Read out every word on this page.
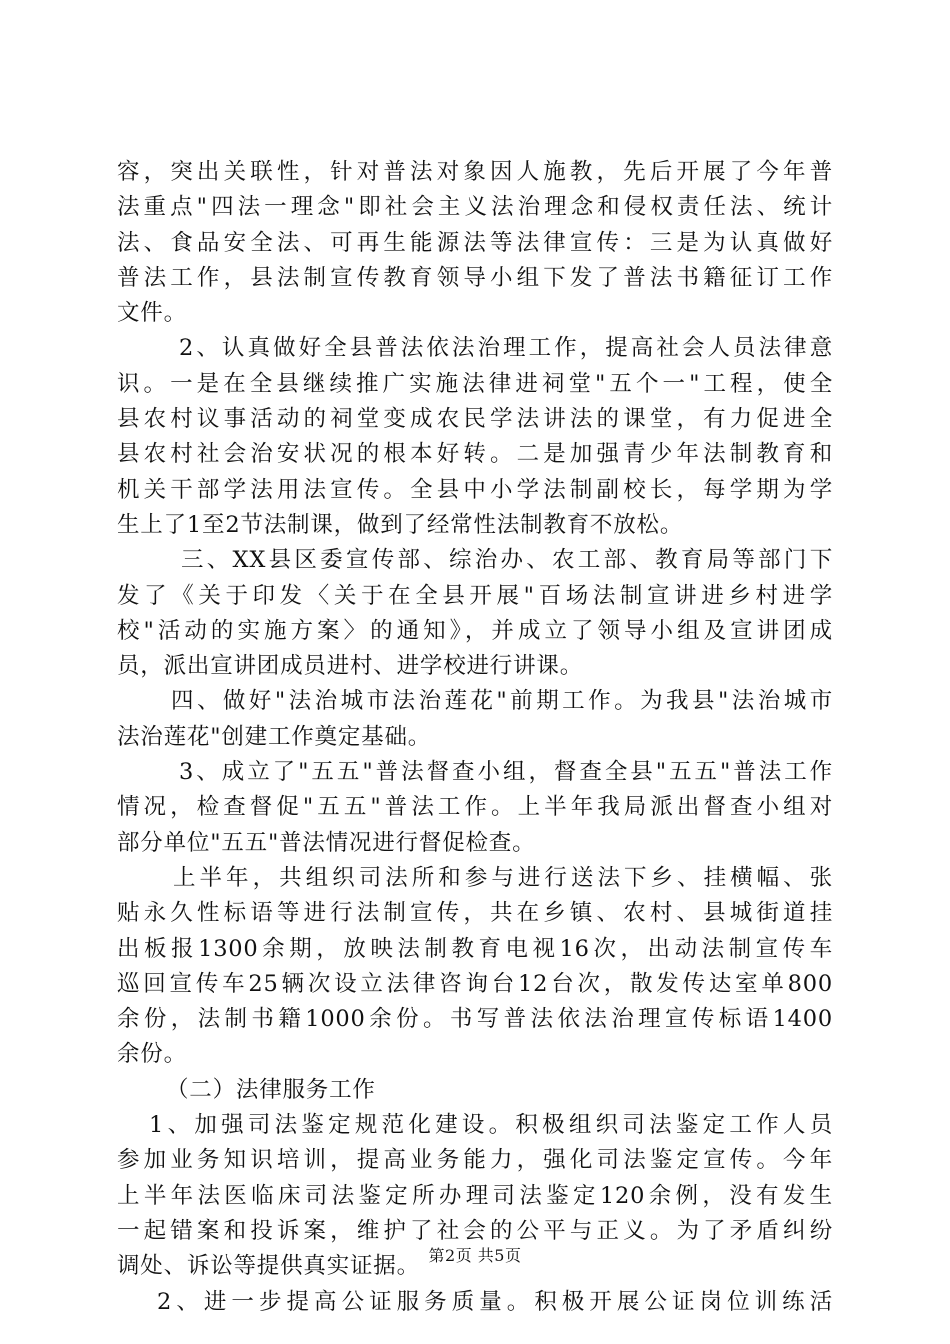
容，突出关联性，针对普法对象因人施教，先后开展了今年普
法重点"四法一理念"即社会主义法治理念和侵权责任法、统计
法、食品安全法、可再生能源法等法律宣传：三是为认真做好
普法工作，县法制宣传教育领导小组下发了普法书籍征订工作
文件。
2、认真做好全县普法依法治理工作，提高社会人员法律意
识。一是在全县继续推广实施法律进祠堂"五个一"工程，使全
县农村议事活动的祠堂变成农民学法讲法的课堂，有力促进全
县农村社会治安状况的根本好转。二是加强青少年法制教育和
机关干部学法用法宣传。全县中小学法制副校长，每学期为学
生上了1至2节法制课，做到了经常性法制教育不放松。
三、XX县区委宣传部、综治办、农工部、教育局等部门下
发了《关于印发〈关于在全县开展"百场法制宣讲进乡村进学
校"活动的实施方案〉的通知》，并成立了领导小组及宣讲团成
员，派出宣讲团成员进村、进学校进行讲课。
四、做好"法治城市法治莲花"前期工作。为我县"法治城市
法治莲花"创建工作奠定基础。
3、成立了"五五"普法督查小组，督查全县"五五"普法工作
情况，检查督促"五五"普法工作。上半年我局派出督查小组对
部分单位"五五"普法情况进行督促检查。
上半年，共组织司法所和参与进行送法下乡、挂横幅、张
贴永久性标语等进行法制宣传，共在乡镇、农村、县城街道挂
出板报1300余期，放映法制教育电视16次，出动法制宣传车
巡回宣传车25辆次设立法律咨询台12台次，散发传达室单800
余份，法制书籍1000余份。书写普法依法治理宣传标语1400
余份。
（二）法律服务工作
1、加强司法鉴定规范化建设。积极组织司法鉴定工作人员
参加业务知识培训，提高业务能力，强化司法鉴定宣传。今年
上半年法医临床司法鉴定所办理司法鉴定120余例，没有发生
一起错案和投诉案，维护了社会的公平与正义。为了矛盾纠纷
调处、诉讼等提供真实证据。
2、进一步提高公证服务质量。积极开展公证岗位训练活
第2页 共5页
